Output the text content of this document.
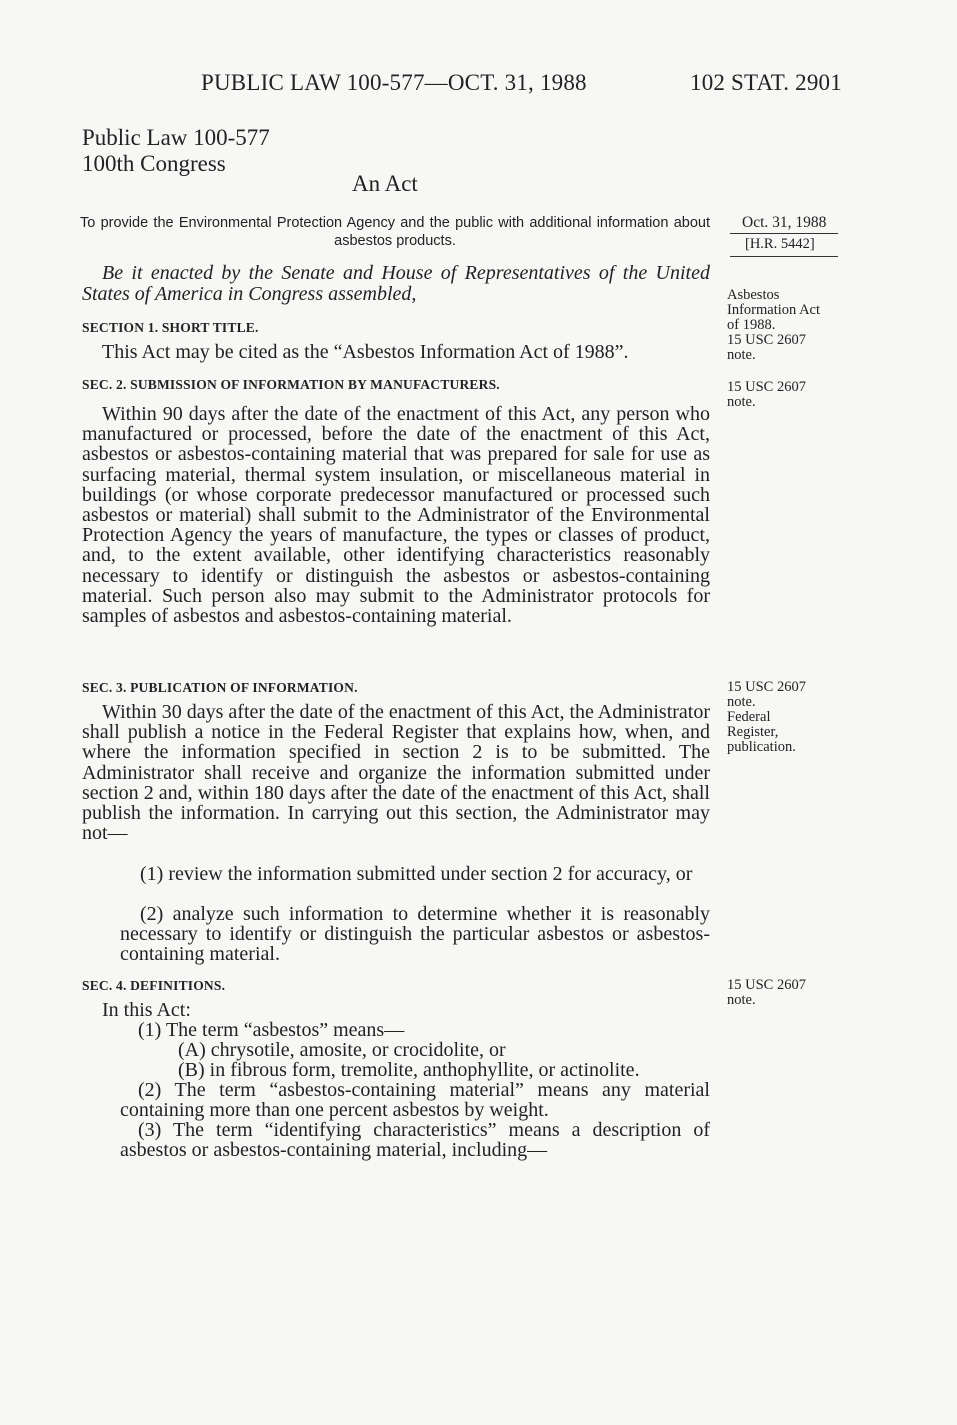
PUBLIC LAW 100-577—OCT. 31, 1988	102 STAT. 2901
Public Law 100-577
100th Congress
An Act
To provide the Environmental Protection Agency and the public with additional information about asbestos products.
Oct. 31, 1988
[H.R. 5442]
Be it enacted by the Senate and House of Representatives of the United States of America in Congress assembled,
SECTION 1. SHORT TITLE.
This Act may be cited as the “Asbestos Information Act of 1988”.
Asbestos
Information Act
of 1988.
15 USC 2607
note.
SEC. 2. SUBMISSION OF INFORMATION BY MANUFACTURERS.
Within 90 days after the date of the enactment of this Act, any person who manufactured or processed, before the date of the enactment of this Act, asbestos or asbestos-containing material that was prepared for sale for use as surfacing material, thermal system insulation, or miscellaneous material in buildings (or whose corporate predecessor manufactured or processed such asbestos or material) shall submit to the Administrator of the Environmental Protection Agency the years of manufacture, the types or classes of product, and, to the extent available, other identifying characteristics reasonably necessary to identify or distinguish the asbestos or asbestos-containing material. Such person also may submit to the Administrator protocols for samples of asbestos and asbestos-containing material.
15 USC 2607
note.
SEC. 3. PUBLICATION OF INFORMATION.
Within 30 days after the date of the enactment of this Act, the Administrator shall publish a notice in the Federal Register that explains how, when, and where the information specified in section 2 is to be submitted. The Administrator shall receive and organize the information submitted under section 2 and, within 180 days after the date of the enactment of this Act, shall publish the information. In carrying out this section, the Administrator may not—
(1) review the information submitted under section 2 for accuracy, or
(2) analyze such information to determine whether it is reasonably necessary to identify or distinguish the particular asbestos or asbestos-containing material.
15 USC 2607
note.
Federal
Register,
publication.
SEC. 4. DEFINITIONS.
In this Act:
(1) The term “asbestos” means—
(A) chrysotile, amosite, or crocidolite, or
(B) in fibrous form, tremolite, anthophyllite, or actinolite.
(2) The term “asbestos-containing material” means any material containing more than one percent asbestos by weight.
(3) The term “identifying characteristics” means a description of asbestos or asbestos-containing material, including—
15 USC 2607
note.
